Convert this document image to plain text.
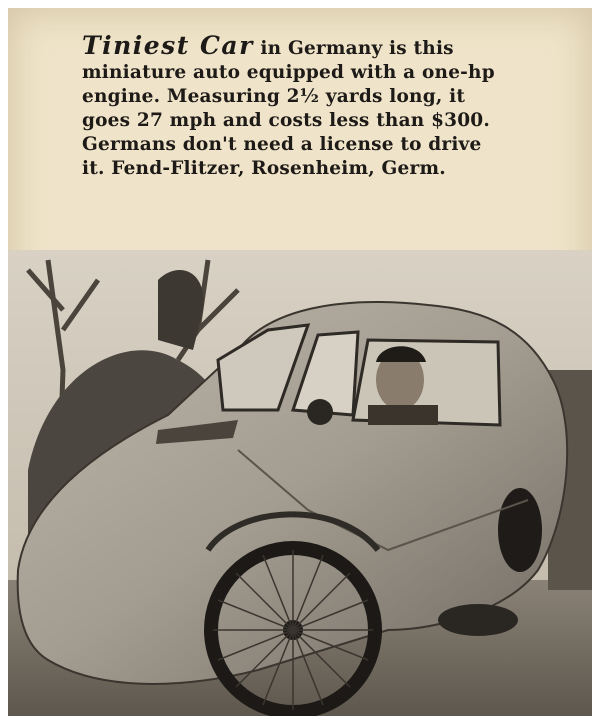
Tiniest Car in Germany is this
miniature auto equipped with a one-hp
engine. Measuring 2½ yards long, it
goes 27 mph and costs less than $300.
Germans don't need a license to drive
it. Fend-Flitzer, Rosenheim, Germ.
